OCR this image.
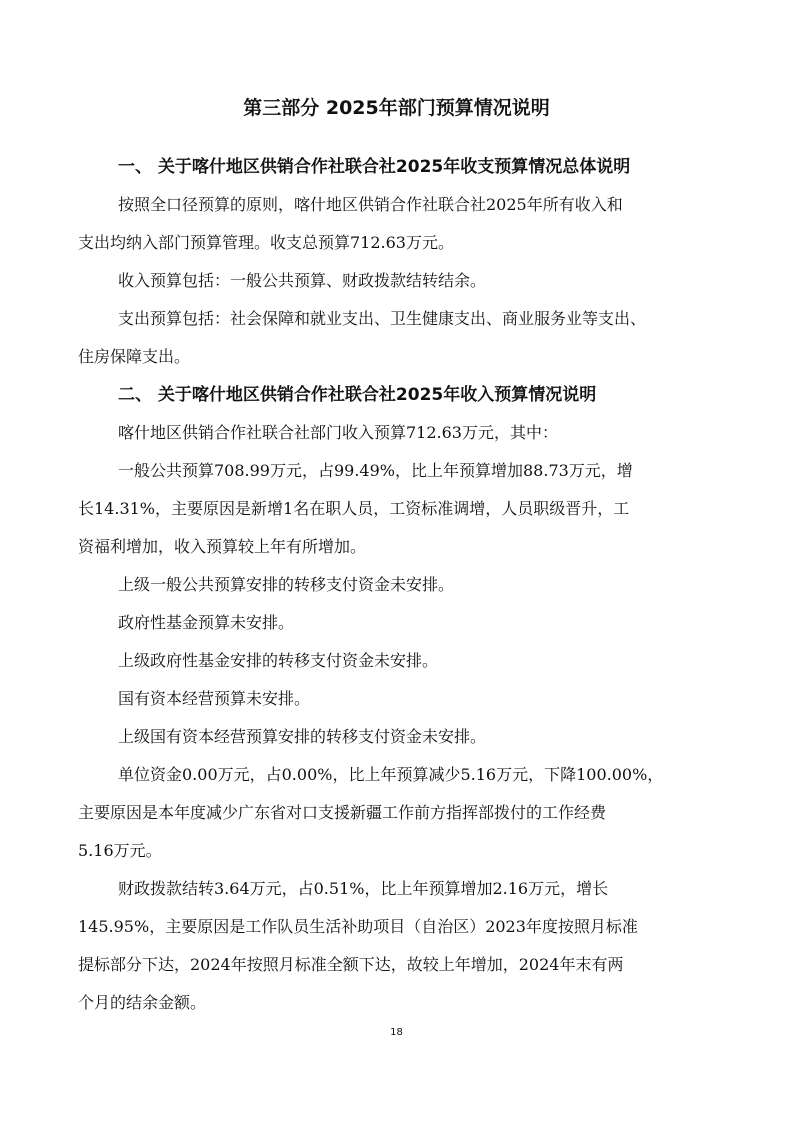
第三部分 2025年部门预算情况说明
一、 关于喀什地区供销合作社联合社2025年收支预算情况总体说明
按照全口径预算的原则，喀什地区供销合作社联合社2025年所有收入和
支出均纳入部门预算管理。收支总预算712.63万元。
收入预算包括：一般公共预算、财政拨款结转结余。
支出预算包括：社会保障和就业支出、卫生健康支出、商业服务业等支出、
住房保障支出。
二、 关于喀什地区供销合作社联合社2025年收入预算情况说明
喀什地区供销合作社联合社部门收入预算712.63万元，其中：
一般公共预算708.99万元，占99.49%，比上年预算增加88.73万元，增
长14.31%，主要原因是新增1名在职人员，工资标准调增，人员职级晋升，工
资福利增加，收入预算较上年有所增加。
上级一般公共预算安排的转移支付资金未安排。
政府性基金预算未安排。
上级政府性基金安排的转移支付资金未安排。
国有资本经营预算未安排。
上级国有资本经营预算安排的转移支付资金未安排。
单位资金0.00万元，占0.00%，比上年预算减少5.16万元，下降100.00%，
主要原因是本年度减少广东省对口支援新疆工作前方指挥部拨付的工作经费
5.16万元。
财政拨款结转3.64万元，占0.51%，比上年预算增加2.16万元，增长
145.95%，主要原因是工作队员生活补助项目（自治区）2023年度按照月标准
提标部分下达，2024年按照月标准全额下达，故较上年增加，2024年末有两
个月的结余金额。
18
